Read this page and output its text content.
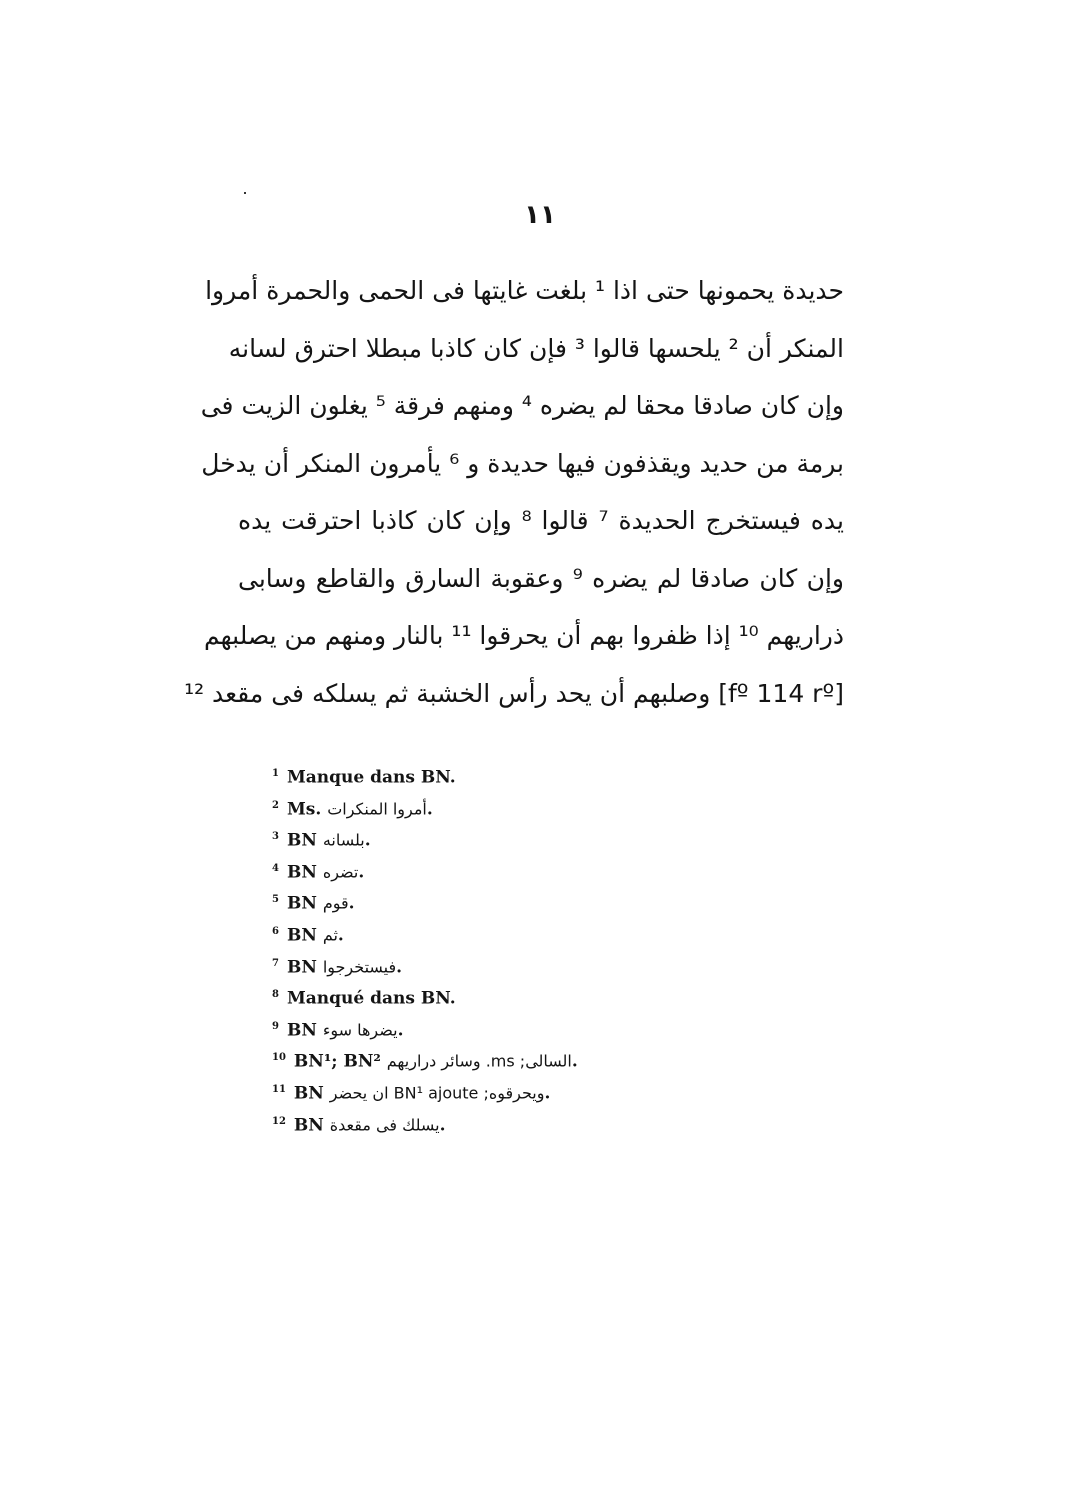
١١
حديدة يحمونها حتى اذا ¹ بلغت غايتها فى الحمى والحمرة أمروا
المنكر أن ² يلحسها قالوا ³ فإن كان كاذبا مبطلا احترق لسانه
وإن كان صادقا محقا لم يضره ⁴ ومنهم فرقة ⁵ يغلون الزيت فى
برمة من حديد ويقذفون فيها حديدة و ⁶ يأمرون المنكر أن يدخل
يده فيستخرج الحديدة ⁷ قالوا ⁸ وإن كان كاذبا احترقت يده
وإن كان صادقا لم يضره ⁹ وعقوبة السارق والقاطع وسابى
ذراريهم ¹⁰ إذا ظفروا بهم أن يحرقوا ¹¹ بالنار ومنهم من يصلبهم
[fº 114 rº] وصلبهم أن يحد رأس الخشبة ثم يسلكه فى مقعد ¹²
$^1$ Manque dans BN.
$^2$ Ms. أمروا المنكرات.
$^3$ BN بلسانه.
$^4$ BN تضره.
$^5$ BN قوم.
$^6$ BN ثم.
$^7$ BN فيستخرجوا.
$^8$ Manqué dans BN.
$^9$ BN يضرها سوء.
$^{10}$ BN¹; BN² السالى; ms. وسائر دراريهم.
$^{11}$ BN ويحرقوه; BN¹ ajoute ان يحضر.
$^{12}$ BN يسلك فى مقعدة.
